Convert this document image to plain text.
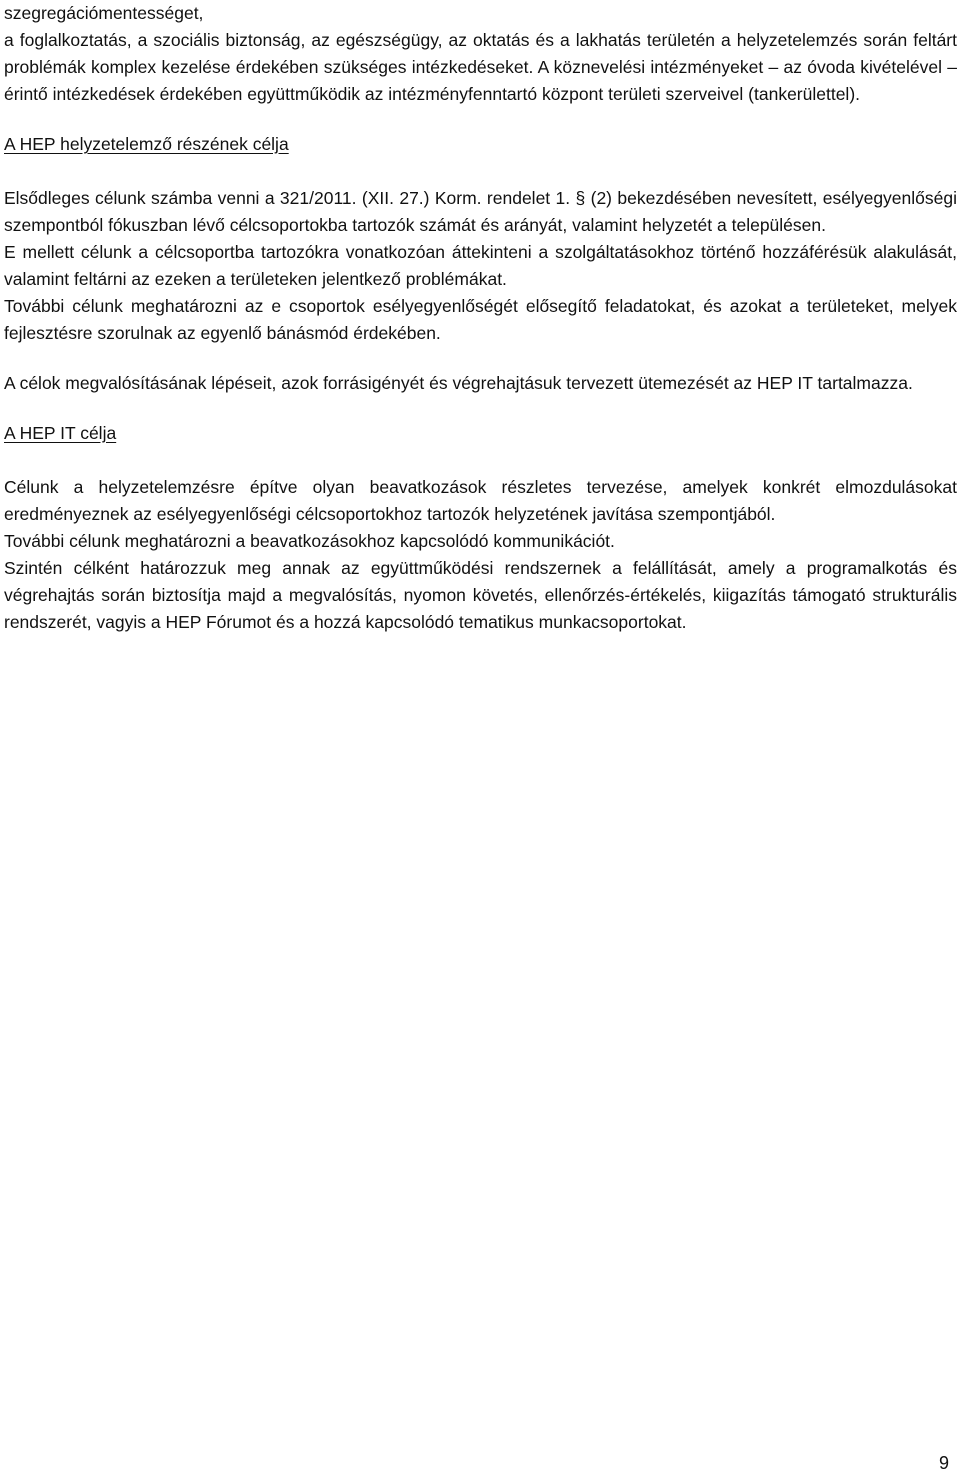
szegregációmentességet,

a foglalkoztatás, a szociális biztonság, az egészségügy, az oktatás és a lakhatás területén a helyzetelemzés során feltárt problémák komplex kezelése érdekében szükséges intézkedéseket. A köznevelési intézményeket – az óvoda kivételével – érintő intézkedések érdekében együttműködik az intézményfenntartó központ területi szerveivel (tankerülettel).

A HEP helyzetelemző részének célja

Elsődleges célunk számba venni a 321/2011. (XII. 27.) Korm. rendelet 1. § (2) bekezdésében nevesített, esélyegyenlőségi szempontból fókuszban lévő célcsoportokba tartozók számát és arányát, valamint helyzetét a településen.

E mellett célunk a célcsoportba tartozókra vonatkozóan áttekinteni a szolgáltatásokhoz történő hozzáférésük alakulását, valamint feltárni az ezeken a területeken jelentkező problémákat.

További célunk meghatározni az e csoportok esélyegyenlőségét elősegítő feladatokat, és azokat a területeket, melyek fejlesztésre szorulnak az egyenlő bánásmód érdekében.

A célok megvalósításának lépéseit, azok forrásigényét és végrehajtásuk tervezett ütemezését az HEP IT tartalmazza.

A HEP IT célja

Célunk a helyzetelemzésre építve olyan beavatkozások részletes tervezése, amelyek konkrét elmozdulásokat eredményeznek az esélyegyenlőségi célcsoportokhoz tartozók helyzetének javítása szempontjából.

További célunk meghatározni a beavatkozásokhoz kapcsolódó kommunikációt.

Szintén célként határozzuk meg annak az együttműködési rendszernek a felállítását, amely a programalkotás és végrehajtás során biztosítja majd a megvalósítás, nyomon követés, ellenőrzés-értékelés, kiigazítás támogató strukturális rendszerét, vagyis a HEP Fórumot és a hozzá kapcsolódó tematikus munkacsoportokat.

9
